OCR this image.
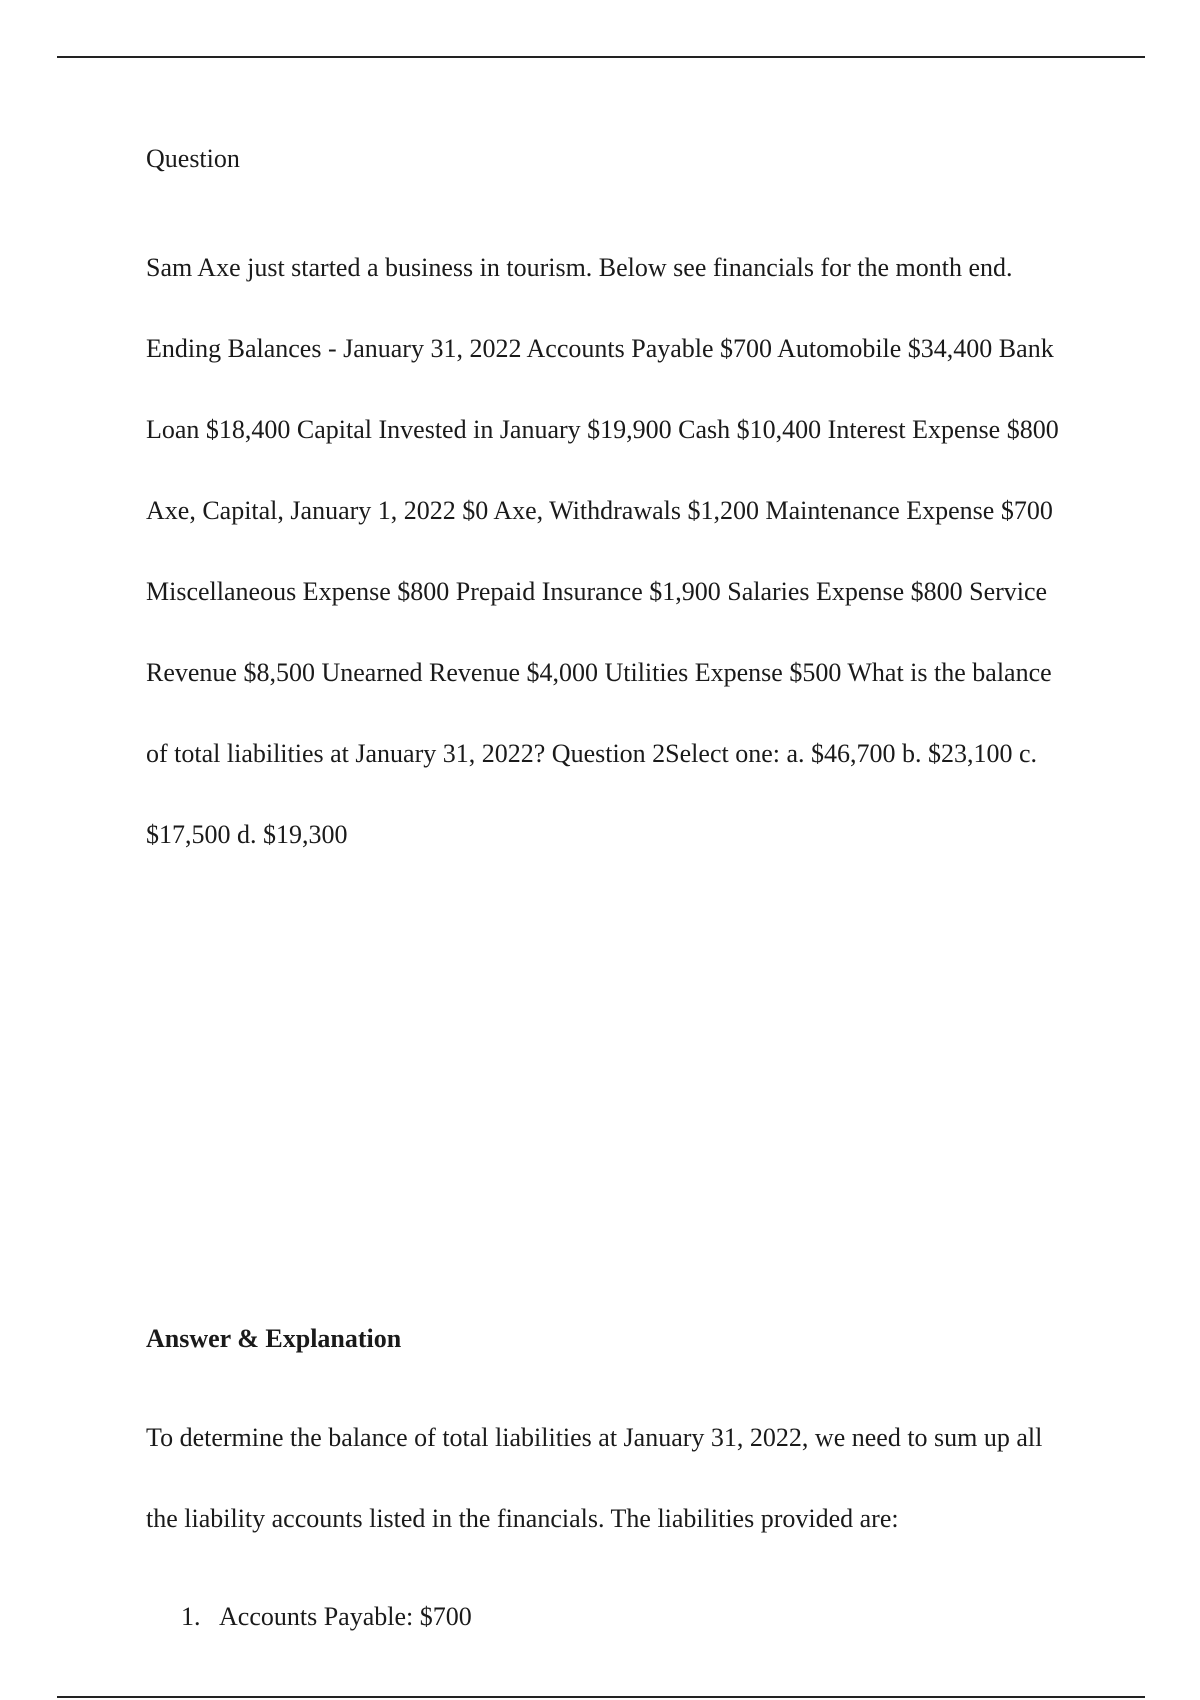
Question

Sam Axe just started a business in tourism. Below see financials for the month end. Ending Balances - January 31, 2022 Accounts Payable $700 Automobile $34,400 Bank Loan $18,400 Capital Invested in January $19,900 Cash $10,400 Interest Expense $800 Axe, Capital, January 1, 2022 $0 Axe, Withdrawals $1,200 Maintenance Expense $700 Miscellaneous Expense $800 Prepaid Insurance $1,900 Salaries Expense $800 Service Revenue $8,500 Unearned Revenue $4,000 Utilities Expense $500 What is the balance of total liabilities at January 31, 2022? Question 2Select one: a. $46,700 b. $23,100 c. $17,500 d. $19,300

Answer & Explanation

To determine the balance of total liabilities at January 31, 2022, we need to sum up all the liability accounts listed in the financials. The liabilities provided are:

1. Accounts Payable: $700
